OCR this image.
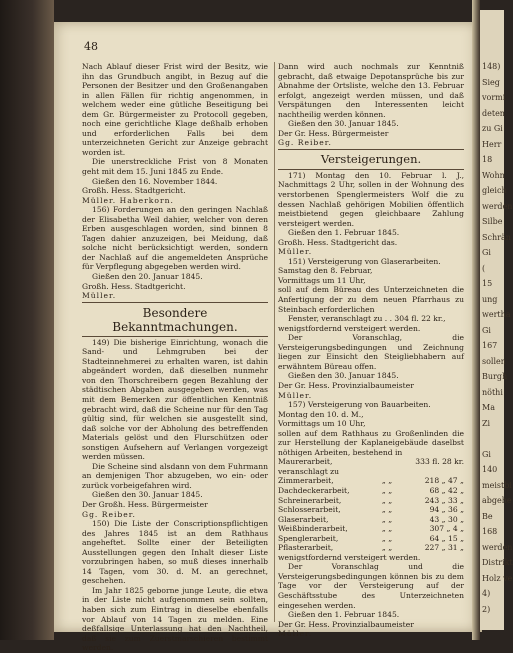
48

Nach Ablauf dieser Frist wird der Besitz, wie ihn das Grundbuch angibt, in Bezug auf die Personen der Besitzer und den Großenangaben in allen Fällen für richtig angenommen, in welchem weder eine gütliche Beseitigung bei dem Gr. Bürgermeister zu Protocoll gegeben, noch eine gerichtliche Klage deßhalb erhoben und erforderlichen Falls bei dem unterzeichneten Gericht zur Anzeige gebracht worden ist.

Die unerstreckliche Frist von 8 Monaten geht mit dem 15. Juni 1845 zu Ende.

Gießen den 16. November 1844.

Großh. Hess. Stadtgericht.

Müller. Haberkorn.

156) Forderungen an den geringen Nachlaß der Elisabetha Weil dahier, welcher von deren Erben ausgeschlagen worden, sind binnen 8 Tagen dahier anzuzeigen, bei Meidung, daß solche nicht berücksichtigt werden, sondern der Nachlaß auf die angemeldeten Ansprüche für Verpflegung abgegeben werden wird.

Gießen den 20. Januar 1845.

Großh. Hess. Stadtgericht.

Müller.

Besondere Bekanntmachungen.

149) Die bisherige Einrichtung, wonach die Sand- und Lehmgruben bei der Stadteinnehmerei zu erhalten waren, ist dahin abgeändert worden, daß dieselben nunmehr von den Thorschreibern gegen Bezahlung der städtischen Abgaben ausgegeben werden, was mit dem Bemerken zur öffentlichen Kenntniß gebracht wird, daß die Scheine nur für den Tag gültig sind, für welchen sie ausgestellt sind, daß solche vor der Abholung des betreffenden Materials gelöst und den Flurschützen oder sonstigen Aufsehern auf Verlangen vorgezeigt werden müssen.

Die Scheine sind alsdann von dem Fuhrmann an demjenigen Thor abzugeben, wo ein- oder zurück vorbeigefahren wird.

Gießen den 30. Januar 1845.

Der Großh. Hess. Bürgermeister

Gg. Reiber.

150) Die Liste der Conscriptionspflichtigen des Jahres 1845 ist an dem Rathhaus angeheftet. Sollte einer der Beteiligten Ausstellungen gegen den Inhalt dieser Liste vorzubringen haben, so muß dieses innerhalb 14 Tagen, vom 30. d. M. an gerechnet, geschehen.

Im Jahr 1825 geborne junge Leute, die etwa in der Liste nicht aufgenommen sein sollten, haben sich zum Eintrag in dieselbe ebenfalls vor Ablauf von 14 Tagen zu melden. Eine deßfallsige Unterlassung hat den Nachtheil, daß sie zum Zuerstmarschieren bestimmt werden.

Dann wird auch nochmals zur Kenntniß gebracht, daß etwaige Depotansprüche bis zur Abnahme der Ortsliste, welche den 13. Februar erfolgt, angezeigt werden müssen, und daß Verspätungen den Interessenten leicht nachtheilig werden können.

Gießen den 30. Januar 1845.

Der Gr. Hess. Bürgermeister

Gg. Reiber.

Versteigerungen.

171) Montag den 10. Februar l. J., Nachmittags 2 Uhr, sollen in der Wohnung des verstorbenen Spenglermeisters Wolf die zu dessen Nachlaß gehörigen Mobilien öffentlich meistbietend gegen gleichbaare Zahlung versteigert werden.

Gießen den 1. Februar 1845.

Großh. Hess. Stadtgericht das.

Müller.

151) Versteigerung von Glaserarbeiten.

Samstag den 8. Februar,

Vormittags um 11 Uhr,

soll auf dem Büreau des Unterzeichneten die Anfertigung der zu dem neuen Pfarrhaus zu Steinbach erforderlichen

Fenster, veranschlagt zu . . 304 fl. 22 kr.,

wenigstfordernd versteigert werden.

Der Voranschlag, die Versteigerungsbedingungen und Zeichnung liegen zur Einsicht den Steigliebhabern auf erwähntem Büreau offen.

Gießen den 30. Januar 1845.

Der Gr. Hess. Provinzialbaumeister

Müller.

157) Versteigerung von Bauarbeiten.

Montag den 10. d. M.,

Vormittags um 10 Uhr,

sollen auf dem Rathhaus zu Großenlinden die zur Herstellung der Kaplaneigebäude daselbst nöthigen Arbeiten, bestehend in

Maurerarbeit, veranschlagt zu
333 fl. 28 kr.
Zimmerarbeit,	„ „	218 „ 47 „
Dachdeckerarbeit,	„ „	68 „ 42 „
Schreinerarbeit,	„ „	243 „ 33 „
Schlosserarbeit,	„ „	94 „ 36 „
Glaserarbeit,	„ „	43 „ 30 „
Weißbinderarbeit,	„ „	307 „ 4 „
Spenglerarbeit,	„ „	64 „ 15 „
Pflasterarbeit,	„ „	227 „ 31 „

wenigstfordernd versteigert werden.

Der Voranschlag und die Versteigerungsbedingungen können bis zu dem Tage vor der Versteigerung auf der Geschäftsstube des Unterzeichneten eingesehen werden.

Gießen den 1. Februar 1845.

Der Gr. Hess. Provinzialbaumeister

Müller.

148)
Sieg
vormi
deten
zu Gi
Herr
18
Wohn
gleich
werden
Silbe
Schrän
Gi
(
15
ung
wertha
Gi
167
sollen
Burgh
nöthi
Ma
Zi
Gi
140
meistbi
abgehe
Be
168
werden
Distrikt
Holz ve
4)
2)
